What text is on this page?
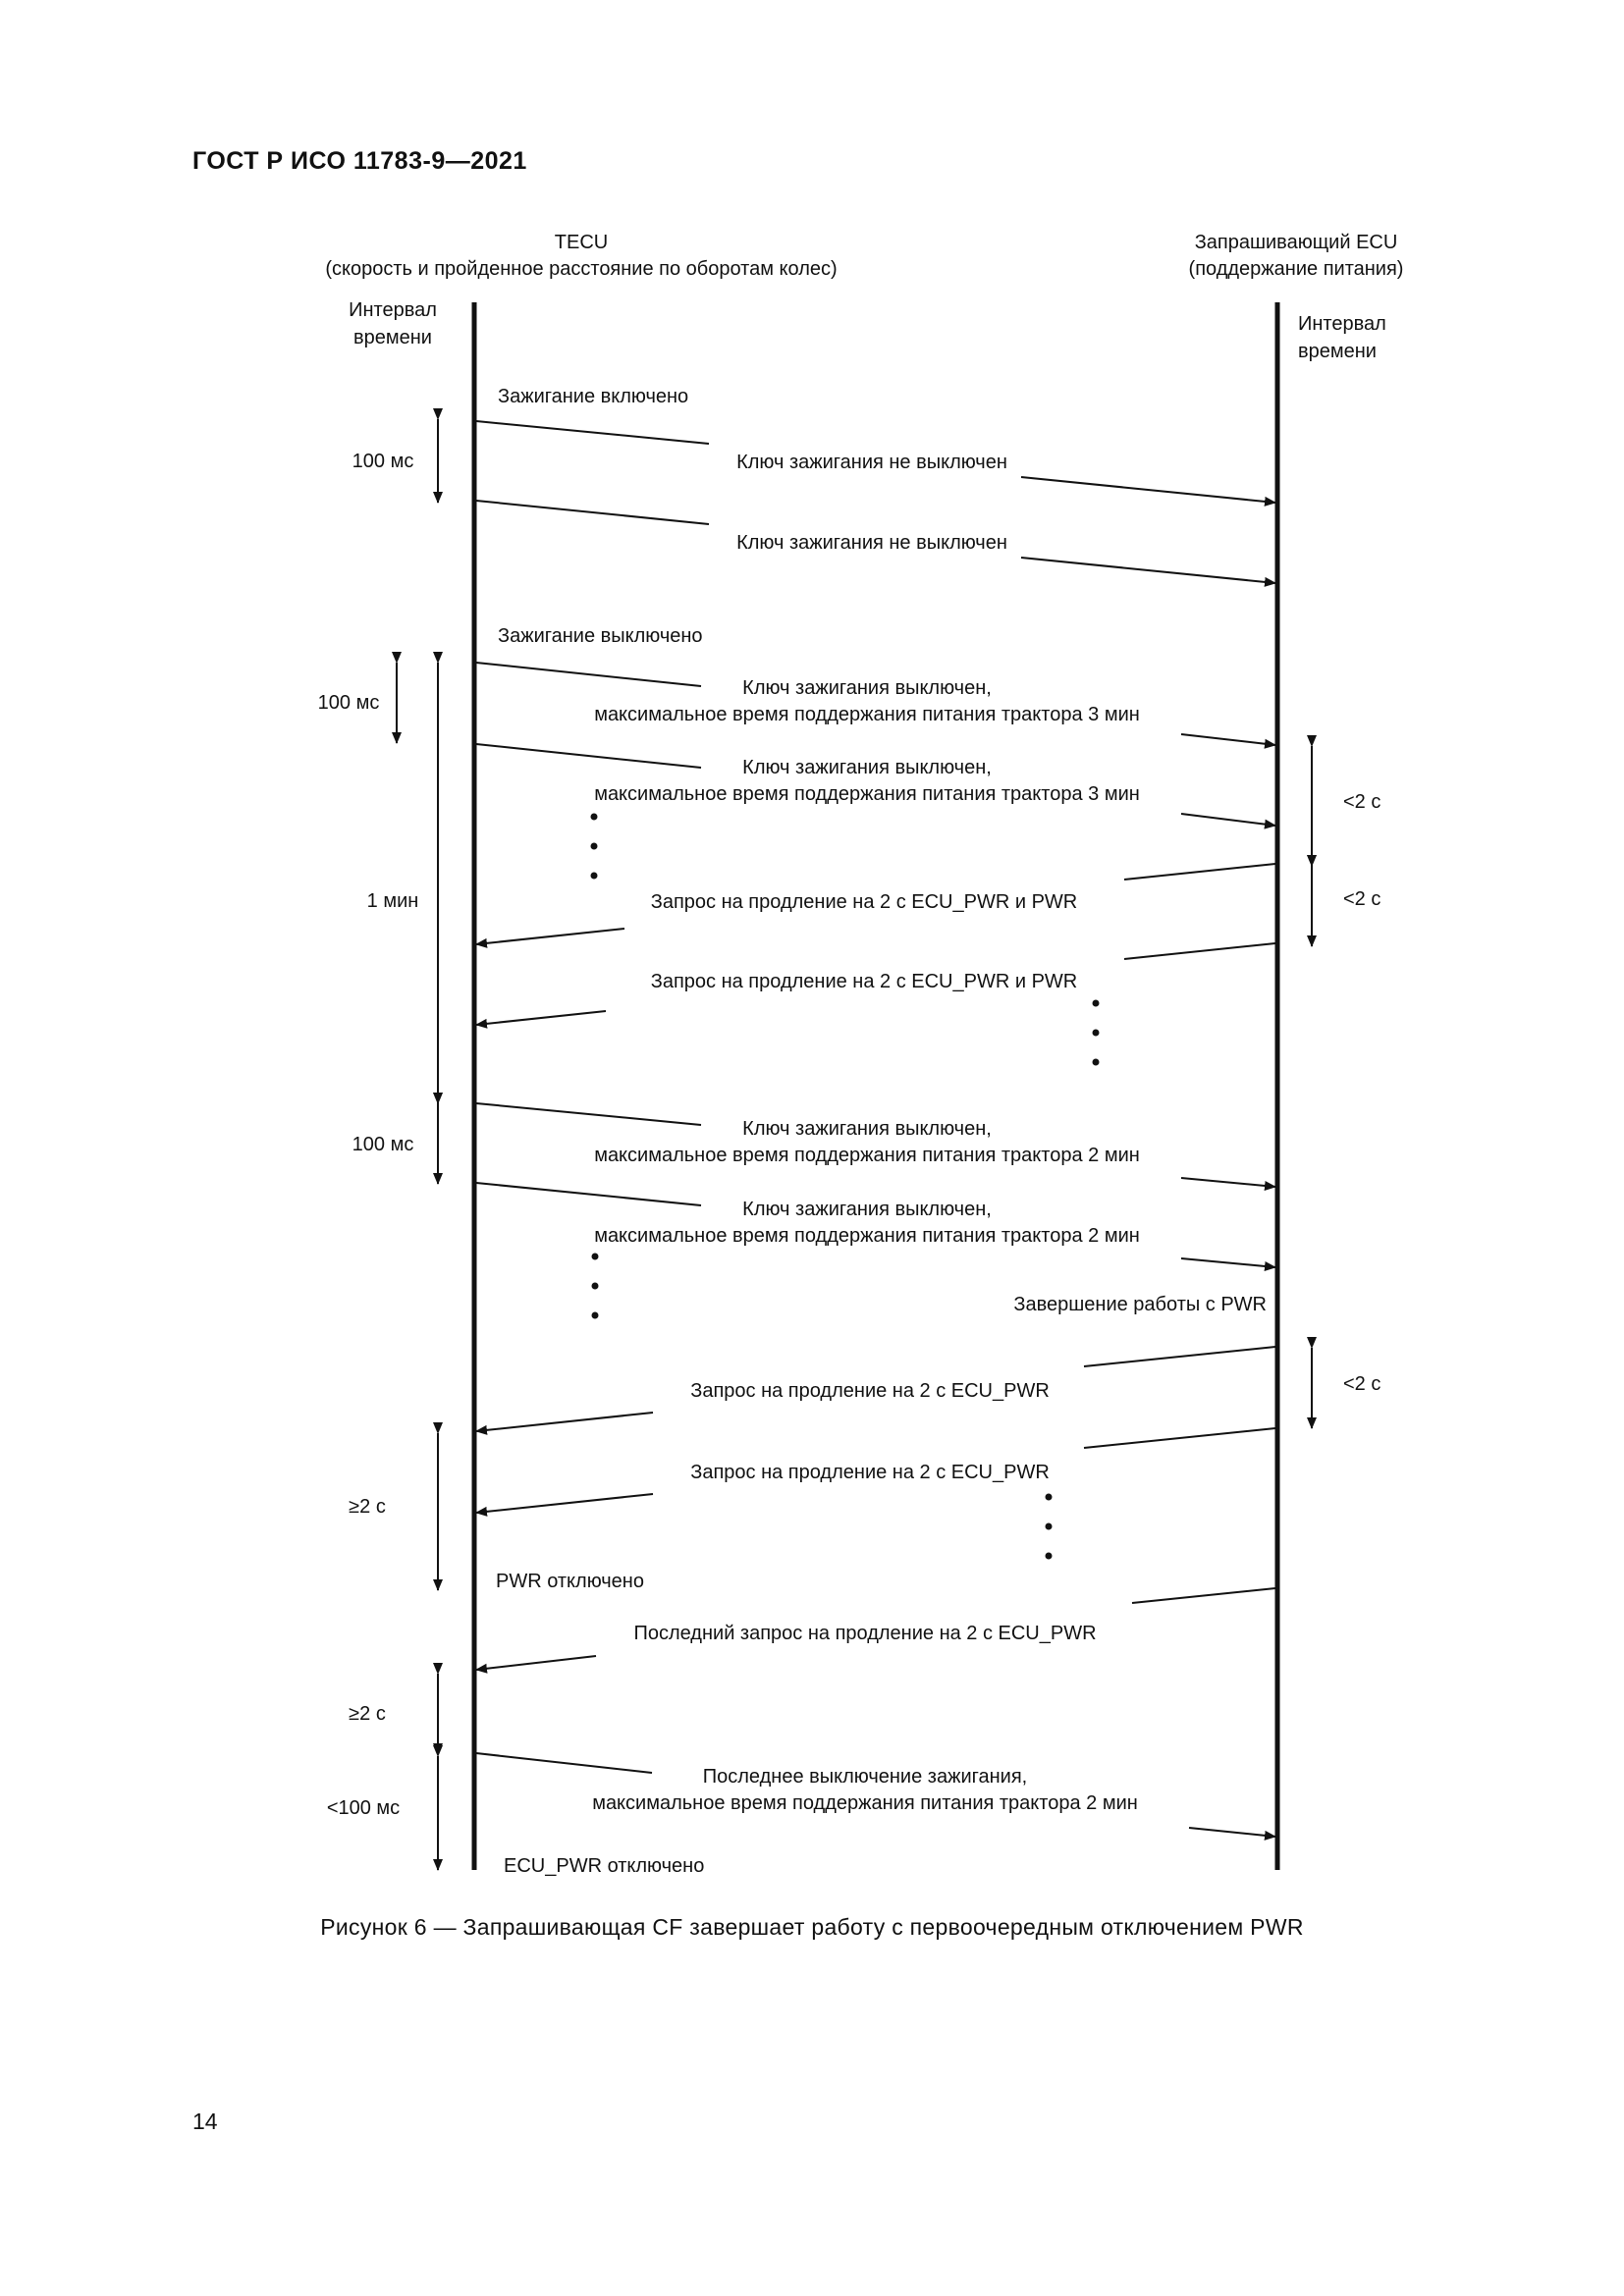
ГОСТ Р ИСО 11783-9—2021
TECU
(скорость и пройденное расстояние по оборотам колес)
Запрашивающий ECU
(поддержание питания)
Интервал
времени
Интервал
времени
Зажигание включено
Зажигание выключено
Завершение работы с PWR
PWR отключено
ECU_PWR отключено
Ключ зажигания не выключен
Ключ зажигания не выключен
Ключ зажигания выключен,
максимальное время поддержания питания трактора 3 мин
Ключ зажигания выключен,
максимальное время поддержания питания трактора 3 мин
Запрос на продление на 2 с ECU_PWR и PWR
Запрос на продление на 2 с ECU_PWR и PWR
Ключ зажигания выключен,
максимальное время поддержания питания трактора 2 мин
Ключ зажигания выключен,
максимальное время поддержания питания трактора 2 мин
Запрос на продление на 2 с ECU_PWR
Запрос на продление на 2 с ECU_PWR
Последний запрос на продление на 2 с ECU_PWR
Последнее выключение зажигания,
максимальное время поддержания питания трактора 2 мин
100 мс
100 мс
1 мин
100 мс
≥2 с
≥2 с
<100 мс
<2 с
<2 с
<2 с
Рисунок 6 — Запрашивающая CF завершает работу с первоочередным отключением PWR
14
